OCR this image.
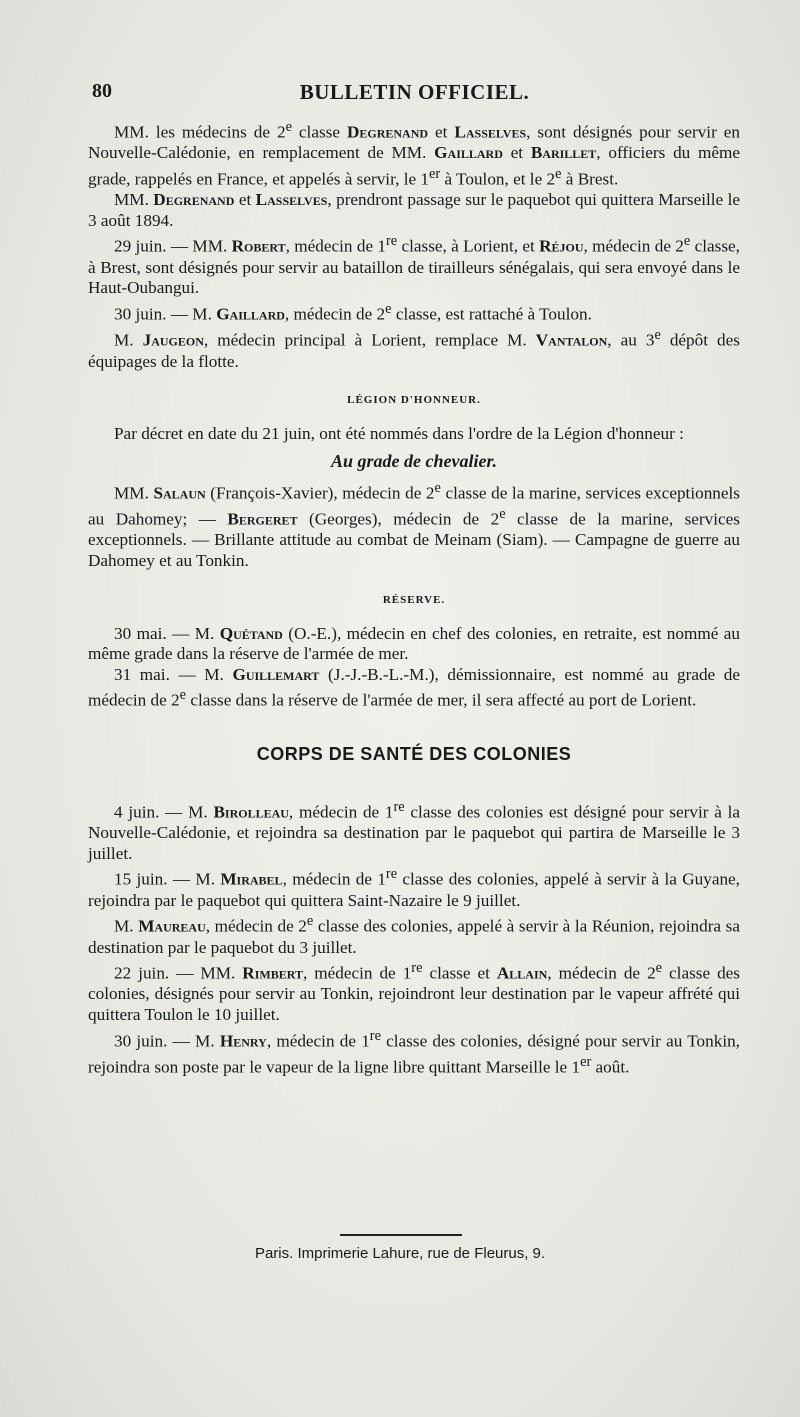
80	BULLETIN OFFICIEL.

MM. les médecins de 2e classe Degrenand et Lasselves, sont désignés pour servir en Nouvelle-Calédonie, en remplacement de MM. Gaillard et Barillet, officiers du même grade, rappelés en France, et appelés à servir, le 1er à Toulon, et le 2e à Brest.

MM. Degrenand et Lasselves, prendront passage sur le paquebot qui quittera Marseille le 3 août 1894.

29 juin. — MM. Robert, médecin de 1re classe, à Lorient, et Réjou, médecin de 2e classe, à Brest, sont désignés pour servir au bataillon de tirailleurs sénégalais, qui sera envoyé dans le Haut-Oubangui.

30 juin. — M. Gaillard, médecin de 2e classe, est rattaché à Toulon.

M. Jaugeon, médecin principal à Lorient, remplace M. Vantalon, au 3e dépôt des équipages de la flotte.

LÉGION D'HONNEUR.

Par décret en date du 21 juin, ont été nommés dans l'ordre de la Légion d'honneur :

Au grade de chevalier.

MM. Salaun (François-Xavier), médecin de 2e classe de la marine, services exceptionnels au Dahomey; — Bergeret (Georges), médecin de 2e classe de la marine, services exceptionnels. — Brillante attitude au combat de Meinam (Siam). — Campagne de guerre au Dahomey et au Tonkin.

RÉSERVE.

30 mai. — M. Quétand (O.-E.), médecin en chef des colonies, en retraite, est nommé au même grade dans la réserve de l'armée de mer.

31 mai. — M. Guillemart (J.-J.-B.-L.-M.), démissionnaire, est nommé au grade de médecin de 2e classe dans la réserve de l'armée de mer, il sera affecté au port de Lorient.

CORPS DE SANTÉ DES COLONIES

4 juin. — M. Birolleau, médecin de 1re classe des colonies est désigné pour servir à la Nouvelle-Calédonie, et rejoindra sa destination par le paquebot qui partira de Marseille le 3 juillet.

15 juin. — M. Mirabel, médecin de 1re classe des colonies, appelé à servir à la Guyane, rejoindra par le paquebot qui quittera Saint-Nazaire le 9 juillet.

M. Maureau, médecin de 2e classe des colonies, appelé à servir à la Réunion, rejoindra sa destination par le paquebot du 3 juillet.

22 juin. — MM. Rimbert, médecin de 1re classe et Allain, médecin de 2e classe des colonies, désignés pour servir au Tonkin, rejoindront leur destination par le vapeur affrété qui quittera Toulon le 10 juillet.

30 juin. — M. Henry, médecin de 1re classe des colonies, désigné pour servir au Tonkin, rejoindra son poste par le vapeur de la ligne libre quittant Marseille le 1er août.

Paris. Imprimerie Lahure, rue de Fleurus, 9.
